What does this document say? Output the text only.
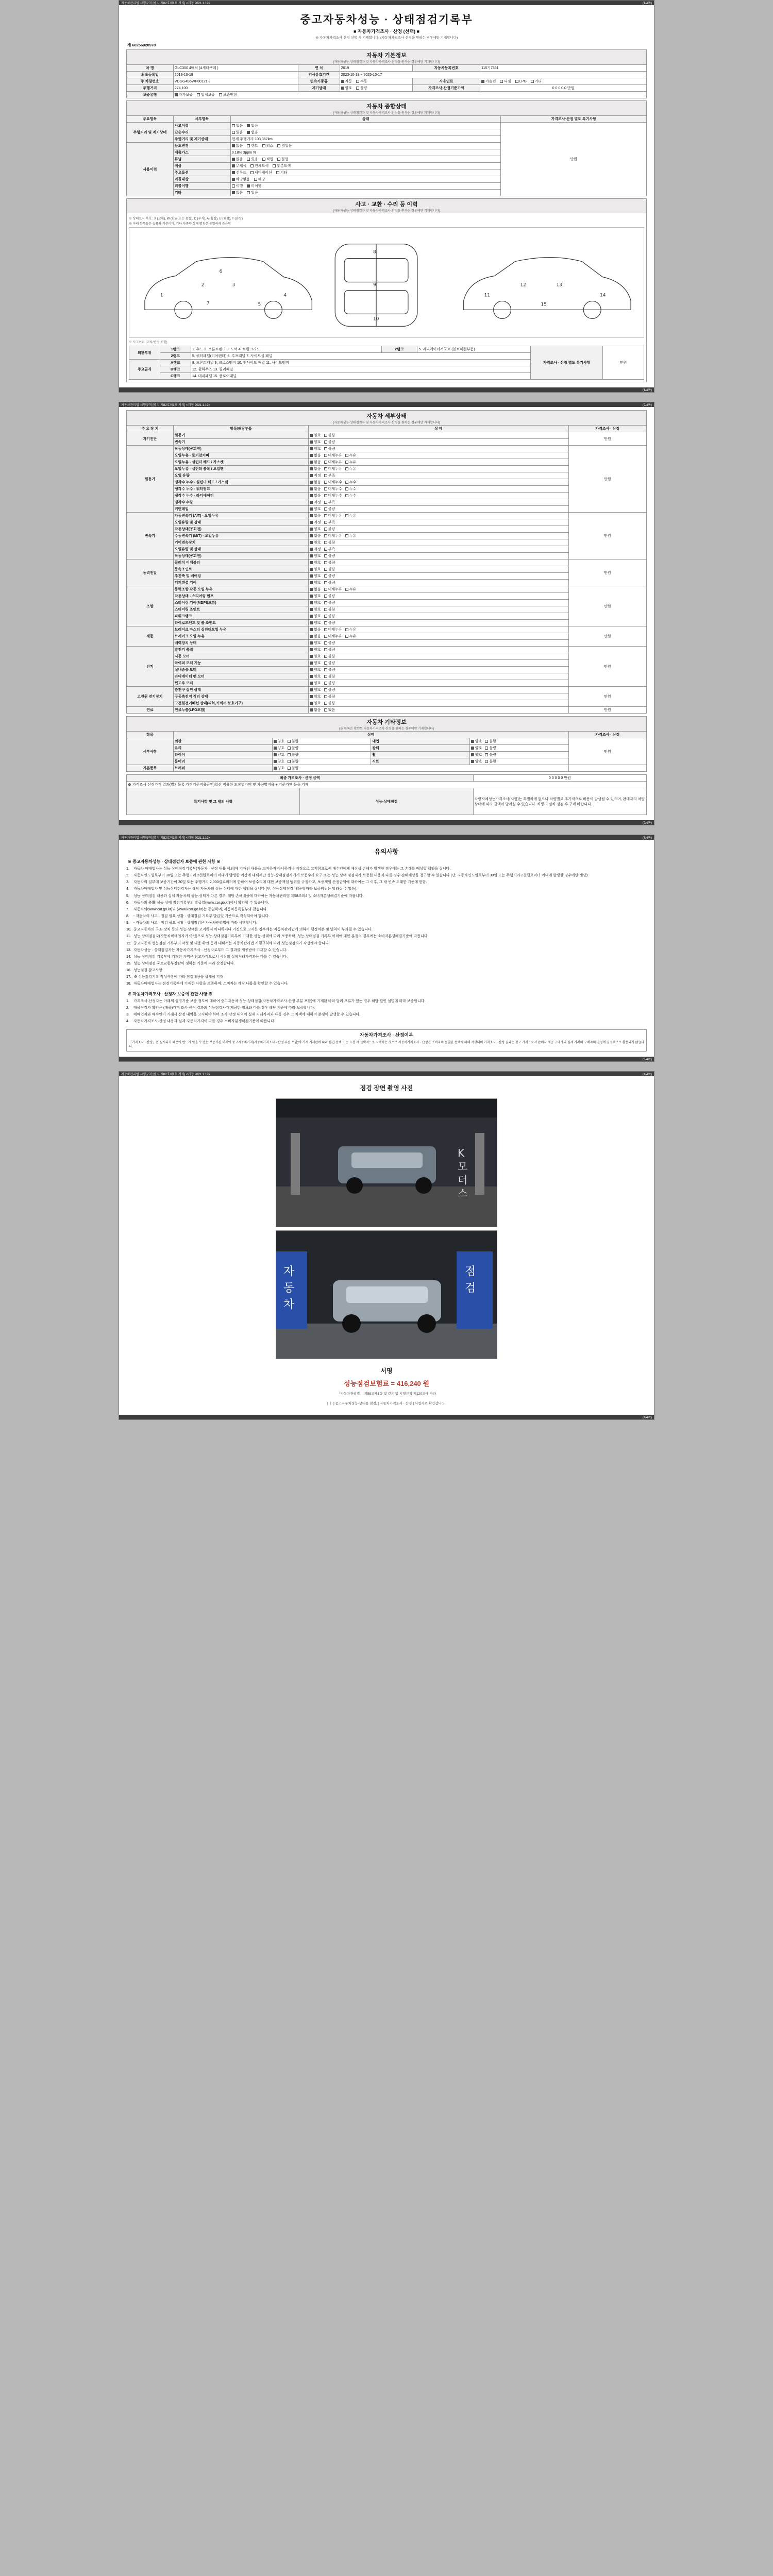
자동차관리법 시행규칙 [별지 제82호의1호 서식] <개정 2021.1.19>	(1/4쪽)
중고자동차성능 · 상태점검기록부
■ 자동차가격조사 · 산정 (선택) ■
※ 자동차가격조사·산정 선택 시 기재합니다. (자동차가격조사·산정을 원하는 경우에만 기재합니다)
제 60256020978
자동차 기본정보
(자동차성능·상태점검자 및 자동차가격조사·산정을 원하는 경우에만 기재합니다)
차 명	GLC300 4매틱 (4세대쿠페 )	연 식	2019	자동차등록번호	115기7561
최초등록일	2019-10-18	검사유효기간	2023-10-18 ~ 2025-10-17		
주 차량번호	VDGG4B5WP80121 3	변속기종류	자동 수동	사용연료	가솔린 디젤 LPG 기타
주행거리	274,100	계기상태	양호 불량	가격조사·산정기준가액	0 0 0 0 0 만원
보증유형	자가보증 업체보증 보증안함				
자동차 종합상태
(자동차성능·상태점검자 및 자동차가격조사·산정을 원하는 경우에만 기재합니다)
주요항목	세부항목	상태	가격조사·산정 별도 특기사항
주행거리 및 계기상태	사고이력	있음 없음	만원
	단순수리	있음 없음	
	주행거리 및 계기상태	현재 주행거리 103,367km	
사용이력	용도변경	없음 렌트 리스 영업용	
	배출가스	0.18% 3ppm %	
	튜닝	없음 있음 적법 불법	
	색상	무채색 전체도색 부분도색	
	주요옵션	선루프 내비게이션 기타	
	리콜대상	해당없음 해당	
	리콜이행	이행 미이행	
	기타	없음 있음	
사고 · 교환 · 수리 등 이력
(자동차성능·상태점검자 및 자동차가격조사·산정을 원하는 경우에만 기재합니다)
※ 상태표시 부호 : X (교환), W (판금 또는 용접), C (부식), A (흠집), U (요철), T (손상)
※ 아래 항목들은 승용차 기준이며, 기타 차종의 상태 명칭은 동일하게 준용함
1
2	3
4
5
6
7
8
9
10
11
12	13
14
15
※ 사고이력 (교차/판정 포함)
외판부위	1랭크	1. 후드 2. 프론트펜더 3. 도어 4. 트렁크리드	2랭크	5. 라디에이터서포트 (볼트체결부품)	가격조사 · 산정 별도 특기사항	만원
	2랭크	5. 쿼터패널(리어펜더) 6. 루프패널 7. 사이드실 패널				
주요골격	A랭크	8. 프론트패널 9. 크로스멤버 10. 인사이드 패널 11. 사이드멤버				
	B랭크	12. 휠하우스 13. 필러패널				
	C랭크	14. 대쉬패널 15. 플로어패널				
(1/4쪽)
자동차관리법 시행규칙 [별지 제82호의1호 서식] <개정 2021.1.19>	(2/4쪽)
자동차 세부상태
(자동차성능·상태점검자 및 자동차가격조사·산정을 원하는 경우에만 기재합니다)
주 요 장 치	항목/해당부품	상 태	가격조사 · 산정
자기진단	원동기	양호 불량	만원
	변속기	양호 불량	
원동기	작동상태(공회전)	양호 불량	만원
	오일누유 - 로커암커버	없음 미세누유 누유	
	오일누유 - 실린더 헤드 / 가스켓	없음 미세누유 누유	
	오일누유 - 실린더 블록 / 오일팬	없음 미세누유 누유	
	오일 유량	적정 부족	
	냉각수 누수 - 실린더 헤드 / 가스켓	없음 미세누수 누수	
	냉각수 누수 - 워터펌프	없음 미세누수 누수	
	냉각수 누수 - 라디에이터	없음 미세누수 누수	
	냉각수 수량	적정 부족	
	커먼레일	양호 불량	
변속기	자동변속기 (A/T) - 오일누유	없음 미세누유 누유	만원
	오일유량 및 상태	적정 부족	
	작동상태(공회전)	양호 불량	
	수동변속기 (M/T) - 오일누유	없음 미세누유 누유	
	기어변속장치	양호 불량	
	오일유량 및 상태	적정 부족	
	작동상태(공회전)	양호 불량	
동력전달	클러치 어셈블리	양호 불량	만원
	등속조인트	양호 불량	
	추진축 및 베어링	양호 불량	
	디퍼렌셜 기어	양호 불량	
조향	동력조향 작동 오일 누유	없음 미세누유 누유	만원
	작동상태 - 스티어링 펌프	양호 불량	
	스티어링 기어(MDPS포함)	양호 불량	
	스티어링 조인트	양호 불량	
	파워크랭크	양호 불량	
	타이로드엔드 및 볼 조인트	양호 불량	
제동	브레이크 마스터 실린더오일 누유	없음 미세누유 누유	만원
	브레이크 오일 누유	없음 미세누유 누유	
	배력장치 상태	양호 불량	
전기	발전기 출력	양호 불량	만원
	시동 모터	양호 불량	
	와이퍼 모터 기능	양호 불량	
	실내송풍 모터	양호 불량	
	라디에이터 팬 모터	양호 불량	
	윈도우 모터	양호 불량	
고전원 전기장치	충전구 절연 상태	양호 불량	만원
	구동축전지 격리 상태	양호 불량	
	고전원전기배선 상태(피복,커넥터,보호기구)	양호 불량	
연료	연료누출(LPG포함)	없음 있음	만원
자동차 기타정보
(※ 항목은 확인된 자동차가격조사·산정을 원하는 경우에만 기재합니다)
항목	상태				가격조사 · 산정
세부사항	외관	양호 불량	내업	양호 불량	만원
	유리	양호 불량	광택	양호 불량	
	타이어	양호 불량	휠	양호 불량	
	룸미러	양호 불량	시트	양호 불량	
기본품목	브러쉬	양호 불량			
최종 가격조사 · 산정 금액		0 0 0 0 0 만원
※ 가격조사·산정가격 결과(별지목록 가격기준적용금액)합산 적용한 도장별가액 및 차량별비용 + 기준가액 등을 기재		
특기사항 및 그 밖의 사항	성능·상태점검	차량자체성능가격조사(시험)는 특별하게 없으나 차량별로 추가적으로 비용이 발생될 수 있으며, 판매자의 차량 상태에 따라 금액이 달라질 수 있습니다. 차량의 실차 점검 후 구매 바랍니다.
(2/4쪽)
자동차관리법 시행규칙 [별지 제82호의1호 서식] <개정 2021.1.19>	(3/4쪽)
유의사항
※ 중고자동차성능 · 상태점검자 보증에 관한 사항 ※
1. 자동차 매매업자는 성능·상태점검기록부(자동차 · 산정 내용 제외)에 기재된 내용을 고지하지 아니하거나 거짓으로 고지함으로써 매수인에게 재산상 손해가 발생한 경우에는 그 손해를 배상할 책임을 집니다.
2. 자동차인도일로부터 30일 또는 주행거리 2천킬로미터 이내에 발생한 이상에 대해서만 성능·상태점검자에게 보증수리 요구 또는 성능·상태 점검자가 보증한 내용과 다를 경우 손해배상을 청구할 수 있습니다 (단, 자동차인도일로부터 30일 또는 주행거리 2천킬로미터 이내에 발생한 경우에만 해당).
3. 자동차의 일부에 보증기간이 30일 또는 주행거리 2,000킬로미터에 한하여 보증수리에 대한 보증책임 범위를 규정하고, 보증책임 산정금액에 대하여는 그 이후, 그 밖 변속 도래한 기준에 한함.
4. 자동차매매업자 및 성능상태점검자는 해당 자동차의 성능·상태에 대한 책임을 집니다 (단, 성능상태점검 내용에 따라 보증범위는 달라질 수 있음).
5. 성능·상태점검 내용과 실제 자동차의 성능·상태가 다른 경우, 해당 손해배상에 대하여는 자동차관리법 제58조의4 및 소비자분쟁해결기준에 따릅니다.
6. 자동차의 外觀 성능·상태 점검기록부의 발급일(www.car.go.kr)에서 확인할 수 있습니다.
7. 자동차의(www.car.go.kr)와 (www.kcar.go.kr)는 동일하며, 자동차등록원부와 같습니다.
8. - 자동차의 사고 · 점검 필요 상황 · 상태점검 기록부 발급일 기준으로 작성되어야 합니다.
9. - 자동차의 사고 · 점검 필요 상황 · 상태점검은 자동차관리법에 따라 시행합니다.
10. 중고자동차의 구조·장치 등의 성능·상태를 고지하지 아니하거나 거짓으로 고지한 경우에는 자동차관리법에 의하여 행정처분 및 벌칙이 부과될 수 있습니다.
11. 성능·상태점검자(자동차매매업자가 아닌)으로 성능·상태점검기록부에 기재한 성능·상태에 따라 보증하며, 성능·상태점검 기록부 이외에 대한 분쟁의 경우에는 소비자분쟁해결기준에 따릅니다.
12. 중고자동차 성능점검 기록부의 작성 및 내용 확인 등에 대해서는 자동차관리법 시행규칙에 따라 성능점검자가 작성해야 합니다.
13. 자동차성능 · 상태점검자는 자동차가격조사 · 산정자로부터 그 결과를 제공받아 기재할 수 있습니다.
14. 성능·상태점검 기록부에 기재된 가격은 참고가격으로서 시장의 실제거래가격과는 다를 수 있습니다.
15. 성능·상태점검 국토교통부장관이 정하는 기준에 따라 산정합니다.
16. 성능점검 참고사항
17. ※ 성능점검기록 작성사항에 따라 점검내용을 상세히 기재
18. 자동차매매업자는 점검기록부에 기재한 사항을 보증하며, 소비자는 해당 내용을 확인할 수 있습니다.
※ 자동차가격조사 · 산정자 보증에 관한 사항 ※
1. 가격조사·산정자는 아래의 설명기준 보증 정도에 대하여 중고자동차 성능·상태점검(자동차가격조사·산정 부분 포함)에 기재된 바와 달리 오류가 있는 경우 해당 원인 설명에 따라 보증합니다.
2. 매물점검가 확인은 (매물)가격 조사·산정 결과의 성능점검자가 제공한 정보와 다를 경우 해당 기준에 따라 보증합니다.
3. 매매업자와 매수인이 거래시 산정 내역을 고지해야 하며 조사·산정 내역이 실제 거래가격과 다를 경우 그 차액에 대하여 분쟁이 발생할 수 있습니다.
4. 자동차가격조사·산정 내용과 실제 자동차가격이 다를 경우 소비자분쟁해결기준에 따릅니다.
자동차가격조사 · 산정여부
「가격조사 · 산정」은 실시되기 때문에 반드시 믿을 수 있는 보증기관 이래에 중고자동차가격(자동차가격조사 · 산정 부분 포함)에 기재 기재란에 따라 본인 선택 또는 요청 시 선택적으로 시행하는 것으로 자동차가격조사 · 산정은 소비자의 동일한 선택에 의해 시행되며 가격조사 · 산정 결과는 참고 가격으로서 판매자 제공 구매자의 실제 거래의 구매자의 결정에 결정적으로 활용되지 않습니다.
(3/4쪽)
자동차관리법 시행규칙 [별지 제82호의1호 서식] <개정 2021.1.19>	(4/4쪽)
점검 장면 촬영 사진
K
모
터
스
자
동
차
점
검
서명
성능점검보험료 = 416,240 원
「자동차관리법」 제58조제1항 및 같은 법 시행규칙 제120조에 따라
[ ㅣ ] 중고자동차성능·상태를 점검, [ 자동차가격조사 · 산정 ] 사업자로 확인합니다.
(4/4쪽)
